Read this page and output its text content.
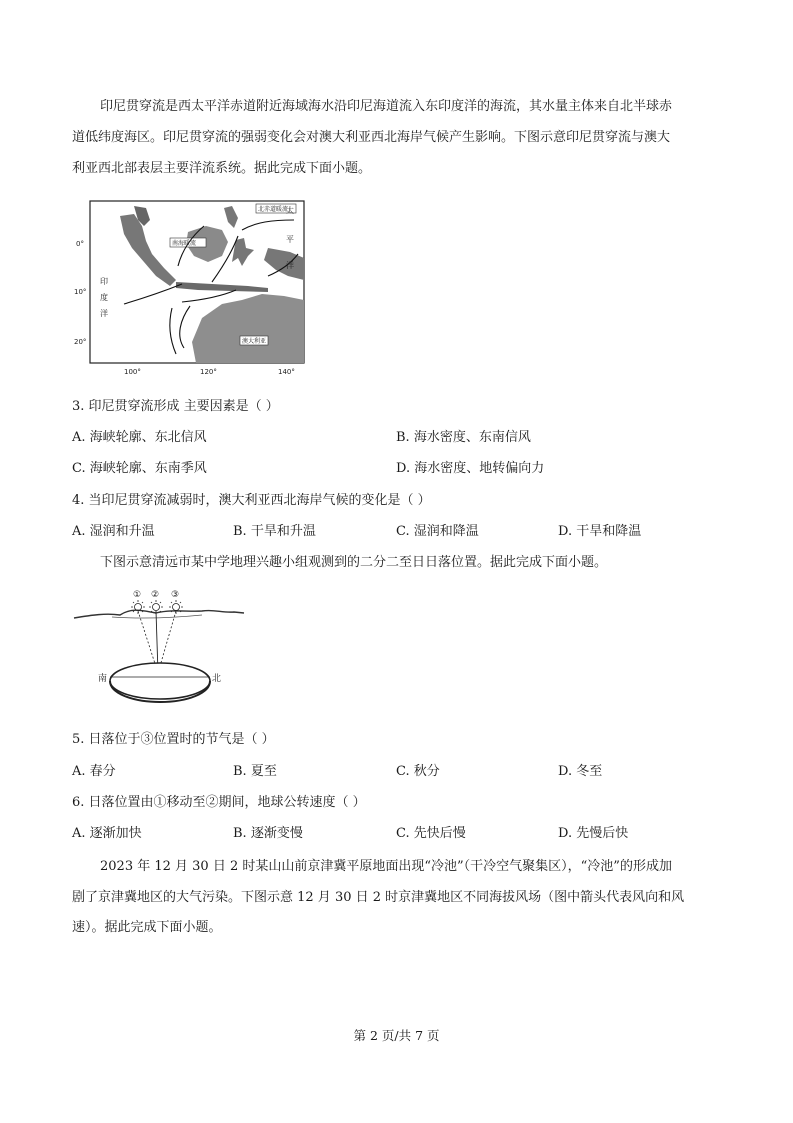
印尼贯穿流是西太平洋赤道附近海域海水沿印尼海道流入东印度洋的海流，其水量主体来自北半球赤

道低纬度海区。印尼贯穿流的强弱变化会对澳大利亚西北海岸气候产生影响。下图示意印尼贯穿流与澳大

利亚西北部表层主要洋流系统。据此完成下面小题。

北赤道暖流
南海暖流
澳大利亚
0°
10°
20°
100°	120°	140°
印
度
洋
太
平
洋

3. 印尼贯穿流形成 主要因素是（ ）

A. 海峡轮廓、东北信风	B. 海水密度、东南信风
C. 海峡轮廓、东南季风	D. 海水密度、地转偏向力

4. 当印尼贯穿流减弱时，澳大利亚西北海岸气候的变化是（ ）

A. 湿润和升温	B. 干旱和升温	C. 湿润和降温	D. 干旱和降温

下图示意清远市某中学地理兴趣小组观测到的二分二至日日落位置。据此完成下面小题。

① ② ③
南	北

5. 日落位于③位置时的节气是（ ）

A. 春分	B. 夏至	C. 秋分	D. 冬至

6. 日落位置由①移动至②期间，地球公转速度（ ）

A. 逐渐加快	B. 逐渐变慢	C. 先快后慢	D. 先慢后快

2023 年 12 月 30 日 2 时某山山前京津冀平原地面出现“冷池”（干冷空气聚集区），“冷池”的形成加

剧了京津冀地区的大气污染。下图示意 12 月 30 日 2 时京津冀地区不同海拔风场（图中箭头代表风向和风

速）。据此完成下面小题。

第 2 页/共 7 页
